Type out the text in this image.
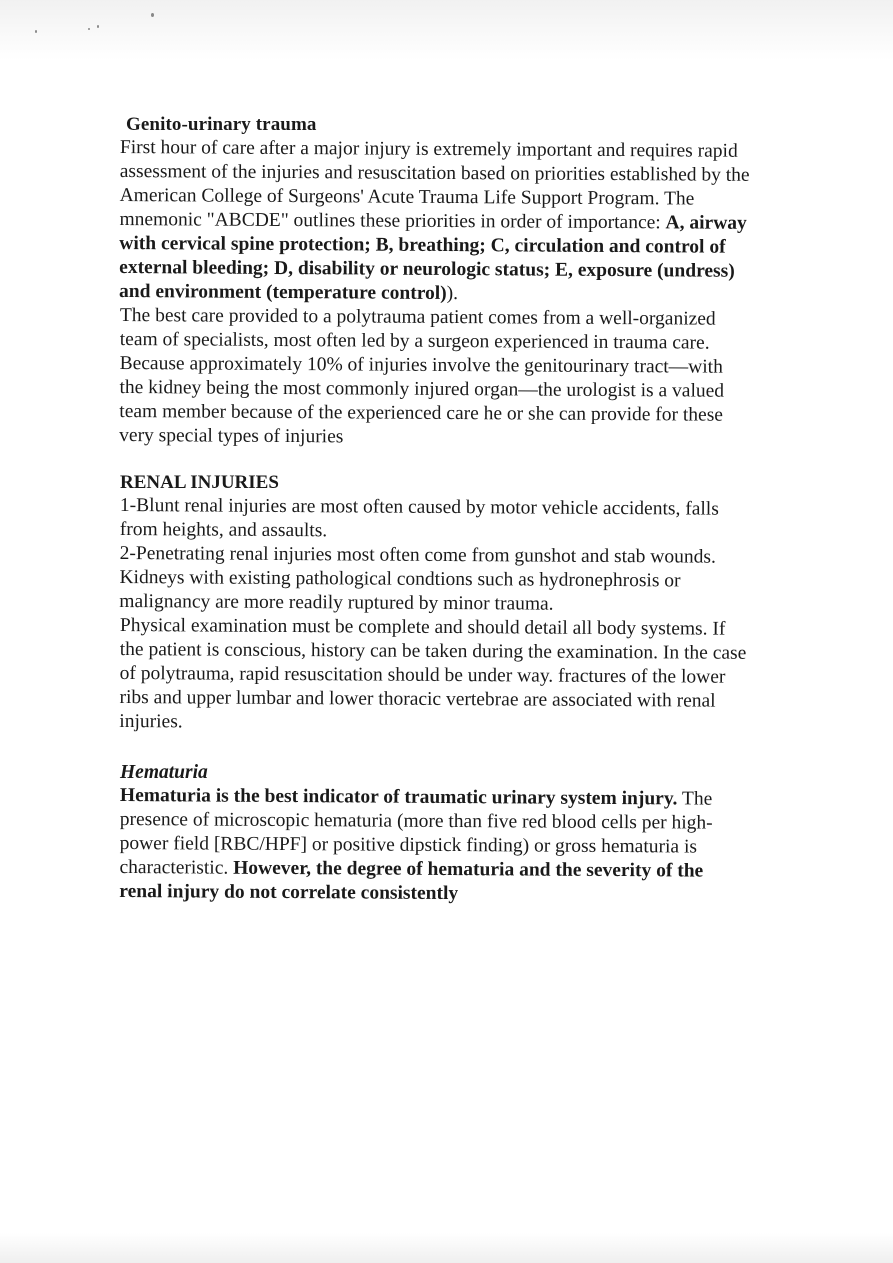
Genito-urinary trauma

First hour of care after a major injury is extremely important and requires rapid assessment of the injuries and resuscitation based on priorities established by the American College of Surgeons' Acute Trauma Life Support Program. The mnemonic "ABCDE" outlines these priorities in order of importance: A, airway with cervical spine protection; B, breathing; C, circulation and control of external bleeding; D, disability or neurologic status; E, exposure (undress) and environment (temperature control)).

The best care provided to a polytrauma patient comes from a well-organized team of specialists, most often led by a surgeon experienced in trauma care. Because approximately 10% of injuries involve the genitourinary tract—with the kidney being the most commonly injured organ—the urologist is a valued team member because of the experienced care he or she can provide for these very special types of injuries

RENAL INJURIES

1-Blunt renal injuries are most often caused by motor vehicle accidents, falls from heights, and assaults.
2-Penetrating renal injuries most often come from gunshot and stab wounds.
Kidneys with existing pathological condtions such as hydronephrosis or malignancy are more readily ruptured by minor trauma.

Physical examination must be complete and should detail all body systems. If the patient is conscious, history can be taken during the examination. In the case of polytrauma, rapid resuscitation should be under way. fractures of the lower ribs and upper lumbar and lower thoracic vertebrae are associated with renal injuries.

Hematuria

Hematuria is the best indicator of traumatic urinary system injury. The presence of microscopic hematuria (more than five red blood cells per high-power field [RBC/HPF] or positive dipstick finding) or gross hematuria is characteristic. However, the degree of hematuria and the severity of the renal injury do not correlate consistently
